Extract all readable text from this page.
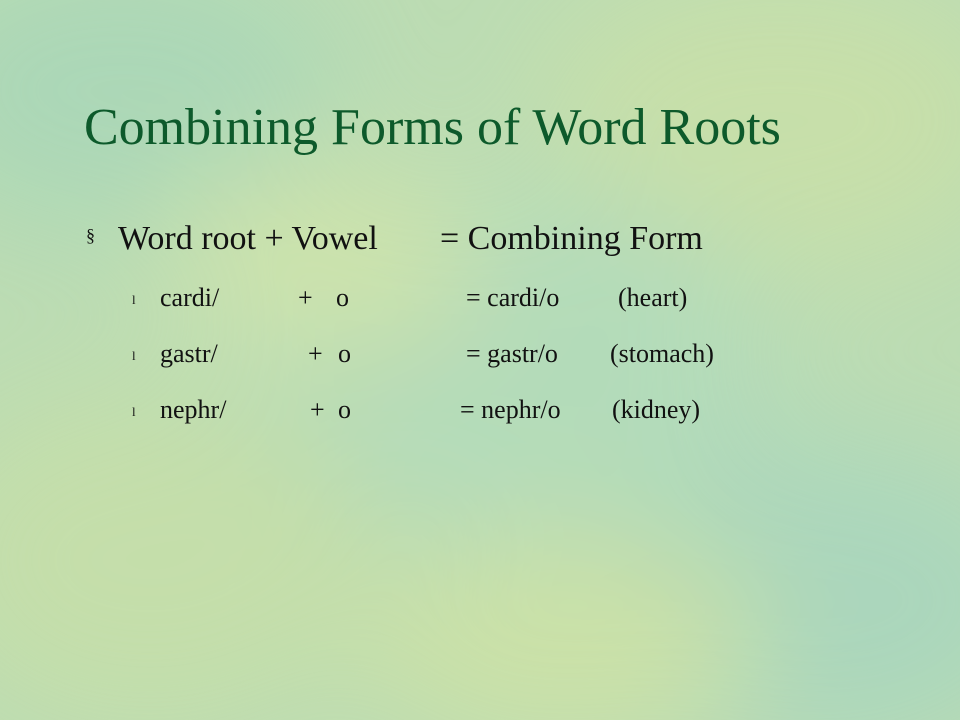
Combining Forms of Word Roots
§ Word root + Vowel	= Combining Form
l cardi/	+ o	= cardi/o (heart)
l gastr/	+ o	= gastr/o (stomach)
l nephr/	+ o	= nephr/o (kidney)
